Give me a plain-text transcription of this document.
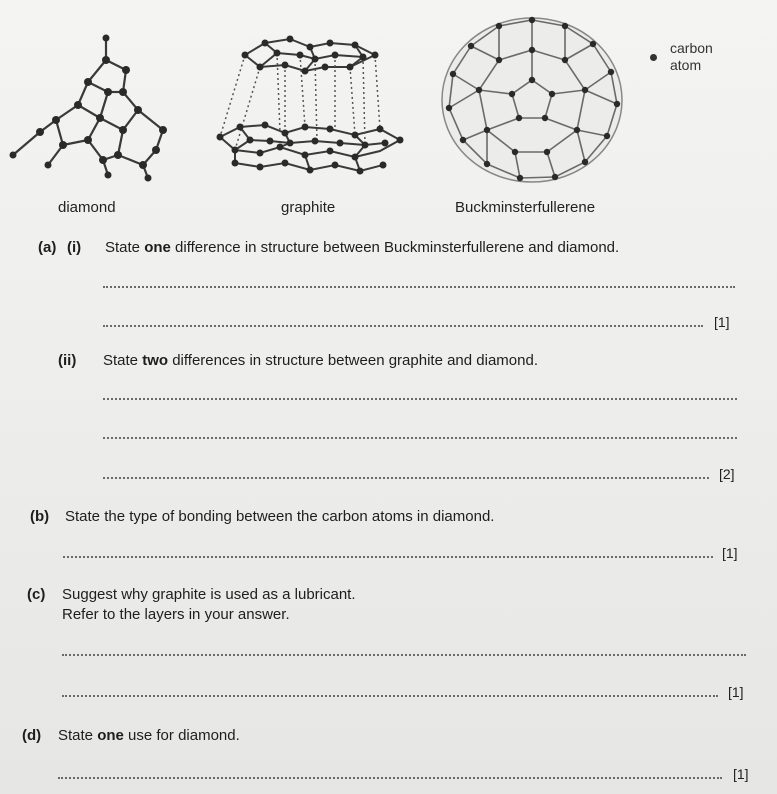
carbon
atom
diamond	graphite	Buckminsterfullerene
(a) (i) State one difference in structure between Buckminsterfullerene and diamond.
[1]
(ii) State two differences in structure between graphite and diamond.
[2]
(b) State the type of bonding between the carbon atoms in diamond.
[1]
(c) Suggest why graphite is used as a lubricant.
Refer to the layers in your answer.
[1]
(d) State one use for diamond.
[1]
